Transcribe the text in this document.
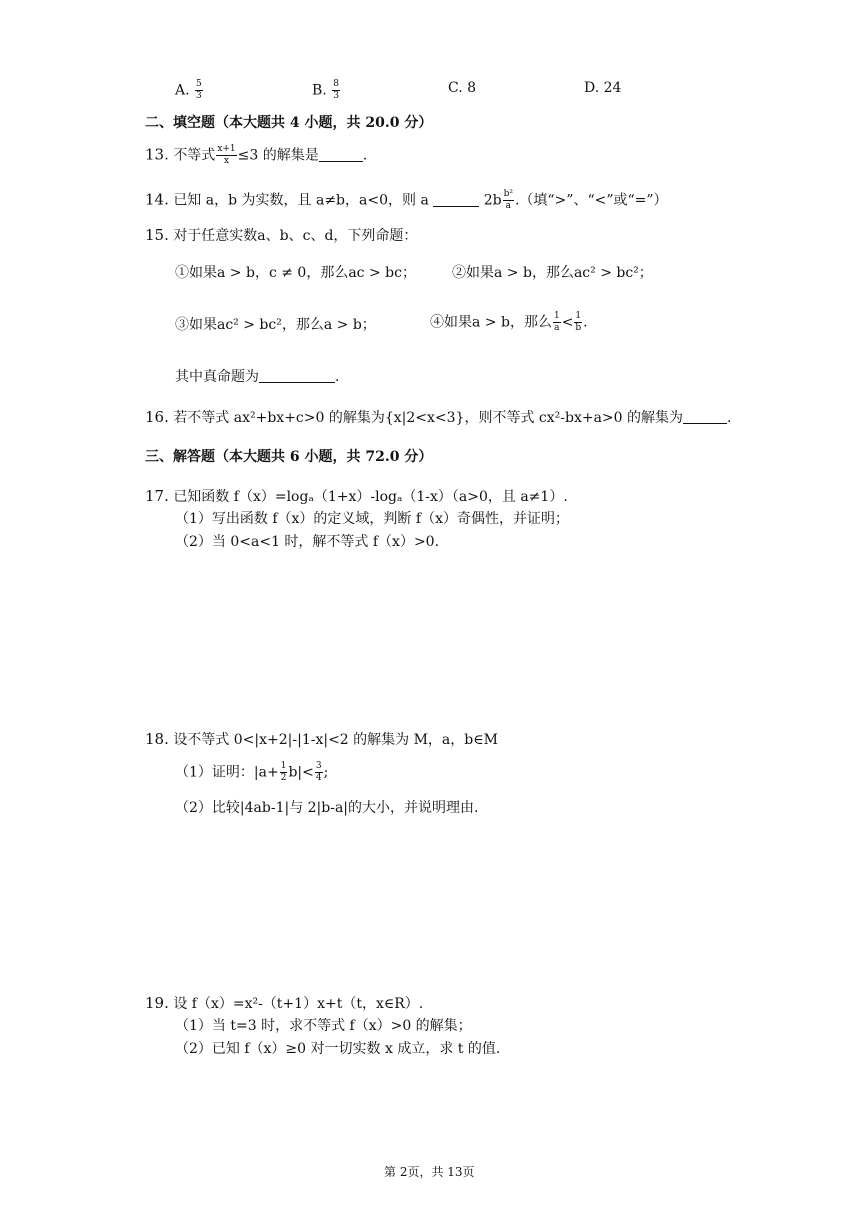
A. $\frac{5}{3}$	B. $\frac{8}{3}$	C. 8	D. 24
二、填空题（本大题共 4 小题，共 20.0 分）
13. 不等式 $\frac{x+1}{x} \le 3$ 的解集是	.
14. 已知 a，b 为实数，且 a≠b，a<0，则 a	$2b \frac{\text{b²}}{a}$ .（填“>”、“<”或“=”）
15. 对于任意实数a、b、c、d，下列命题：
①如果a > b，c ≠ 0，那么ac > bc；	②如果a > b，那么ac² > bc²；
③如果ac² > bc²，那么a > b；	④如果a > b，那么 $\frac{1}{a} < \frac{1}{b}$ .
其中真命题为	.
16. 若不等式 ax²+bx+c>0 的解集为{x|2<x<3}，则不等式 cx²-bx+a>0 的解集为	.
三、解答题（本大题共 6 小题，共 72.0 分）
17. 已知函数 f（x）=logₐ（1+x）-logₐ（1-x）（a>0，且 a≠1）.
（1）写出函数 f（x）的定义域，判断 f（x）奇偶性，并证明；
（2）当 0<a<1 时，解不等式 f（x）>0.
18. 设不等式 0<|x+2|-|1-x|<2 的解集为 M，a，b∈M
（1）证明：$|a+ \frac{1}{2} b|< \frac{3}{4}$ ;
（2）比较|4ab-1|与 2|b-a|的大小，并说明理由.
19. 设 f（x）=x²-（t+1）x+t（t，x∈R）.
（1）当 t=3 时，求不等式 f（x）>0 的解集；
（2）已知 f（x）≥0 对一切实数 x 成立，求 t 的值.
第 2页，共 13页
